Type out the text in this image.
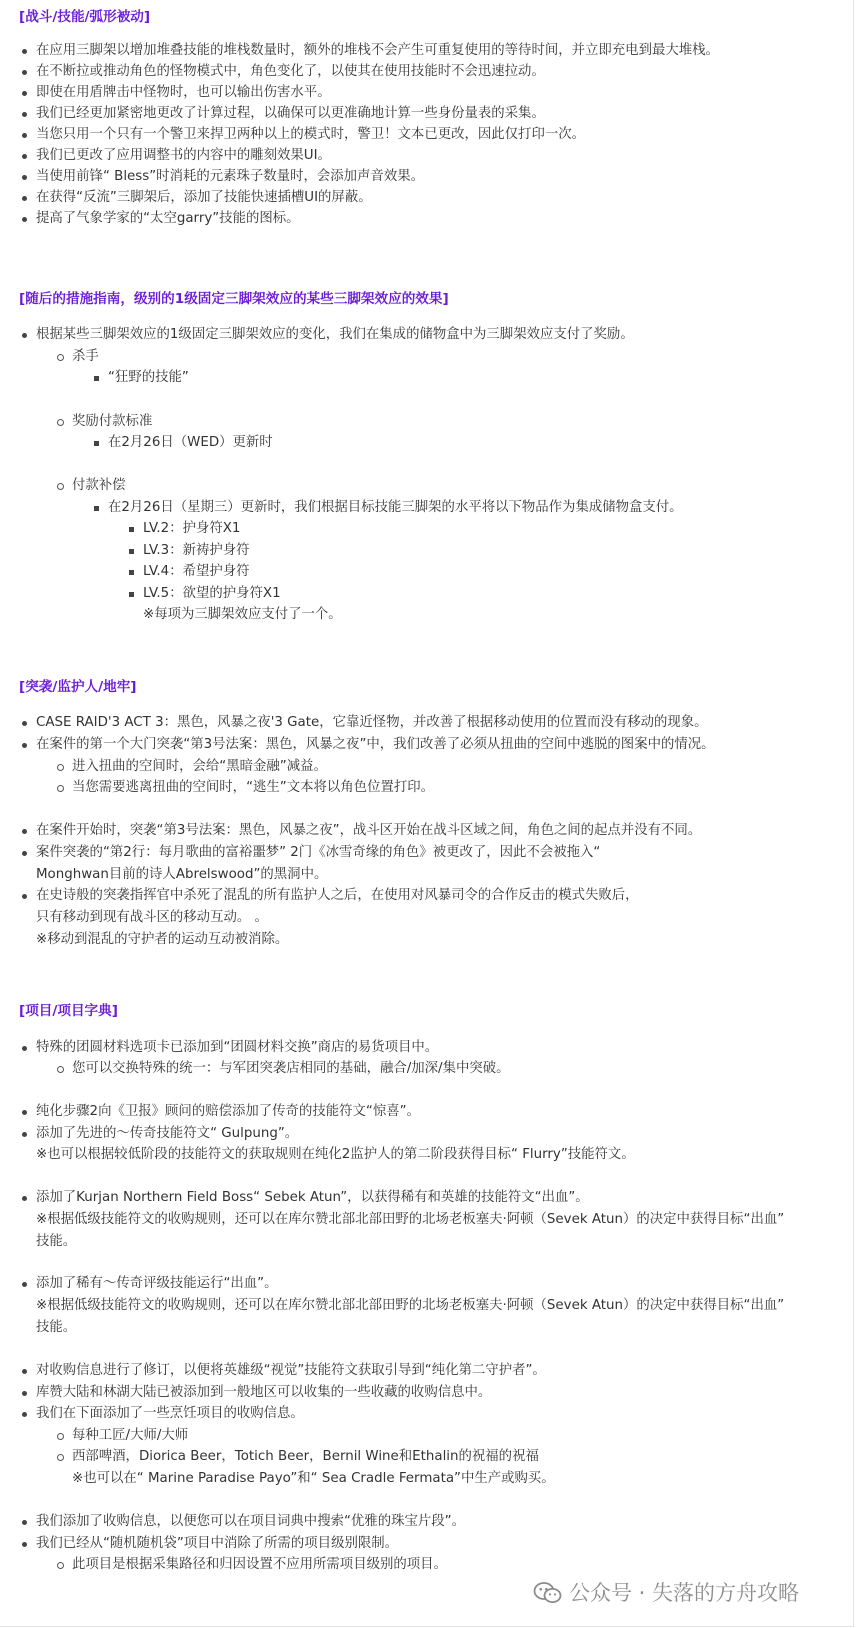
[战斗/技能/弧形被动]

在应用三脚架以增加堆叠技能的堆栈数量时，额外的堆栈不会产生可重复使用的等待时间，并立即充电到最大堆栈。

在不断拉或推动角色的怪物模式中，角色变化了，以使其在使用技能时不会迅速拉动。

即使在用盾牌击中怪物时，也可以输出伤害水平。

我们已经更加紧密地更改了计算过程，以确保可以更准确地计算一些身份量表的采集。

当您只用一个只有一个警卫来捍卫两种以上的模式时，警卫！文本已更改，因此仅打印一次。

我们已更改了应用调整书的内容中的雕刻效果UI。

当使用前锋“ Bless”时消耗的元素珠子数量时，会添加声音效果。

在获得“反流”三脚架后，添加了技能快速插槽UI的屏蔽。

提高了气象学家的“太空garry”技能的图标。

[随后的措施指南，级别的1级固定三脚架效应的某些三脚架效应的效果]

根据某些三脚架效应的1级固定三脚架效应的变化，我们在集成的储物盒中为三脚架效应支付了奖励。

杀手

“狂野的技能”

奖励付款标准

在2月26日（WED）更新时

付款补偿

在2月26日（星期三）更新时，我们根据目标技能三脚架的水平将以下物品作为集成储物盒支付。

LV.2：护身符X1

LV.3：新祷护身符

LV.4：希望护身符

LV.5：欲望的护身符X1

※每项为三脚架效应支付了一个。

[突袭/监护人/地牢]

CASE RAID'3 ACT 3：黑色，风暴之夜'3 Gate，它靠近怪物，并改善了根据移动使用的位置而没有移动的现象。

在案件的第一个大门突袭“第3号法案：黑色，风暴之夜”中，我们改善了必须从扭曲的空间中逃脱的图案中的情况。

进入扭曲的空间时，会给“黑暗金融”减益。

当您需要逃离扭曲的空间时，“逃生”文本将以角色位置打印。

在案件开始时，突袭“第3号法案：黑色，风暴之夜”，战斗区开始在战斗区域之间，角色之间的起点并没有不同。

案件突袭的“第2行：每月歌曲的富裕噩梦” 2门《冰雪奇缘的角色》被更改了，因此不会被拖入“

Monghwan目前的诗人Abrelswood”的黑洞中。

在史诗般的突袭指挥官中杀死了混乱的所有监护人之后，在使用对风暴司令的合作反击的模式失败后，

只有移动到现有战斗区的移动互动。 。

※移动到混乱的守护者的运动互动被消除。

[项目/项目字典]

特殊的团圆材料选项卡已添加到“团圆材料交换”商店的易货项目中。

您可以交换特殊的统一：与军团突袭店相同的基础，融合/加深/集中突破。

纯化步骤2向《卫报》顾问的赔偿添加了传奇的技能符文“惊喜”。

添加了先进的〜传奇技能符文“ Gulpung”。

※也可以根据较低阶段的技能符文的获取规则在纯化2监护人的第二阶段获得目标“ Flurry”技能符文。

添加了Kurjan Northern Field Boss“ Sebek Atun”，以获得稀有和英雄的技能符文“出血”。

※根据低级技能符文的收购规则，还可以在库尔赞北部北部田野的北场老板塞夫·阿顿（Sevek Atun）的决定中获得目标“出血”

技能。

添加了稀有〜传奇评级技能运行“出血”。

※根据低级技能符文的收购规则，还可以在库尔赞北部北部田野的北场老板塞夫·阿顿（Sevek Atun）的决定中获得目标“出血”

技能。

对收购信息进行了修订，以便将英雄级“视觉”技能符文获取引导到“纯化第二守护者”。

库赞大陆和林湖大陆已被添加到一般地区可以收集的一些收藏的收购信息中。

我们在下面添加了一些烹饪项目的收购信息。

每种工匠/大师/大师

西部啤酒，Diorica Beer，Totich Beer，Bernil Wine和Ethalin的祝福的祝福

※也可以在“ Marine Paradise Payo”和“ Sea Cradle Fermata”中生产或购买。

我们添加了收购信息，以便您可以在项目词典中搜索“优雅的珠宝片段”。

我们已经从“随机随机袋”项目中消除了所需的项目级别限制。

此项目是根据采集路径和归因设置不应用所需项目级别的项目。

公众号 · 失落的方舟攻略
